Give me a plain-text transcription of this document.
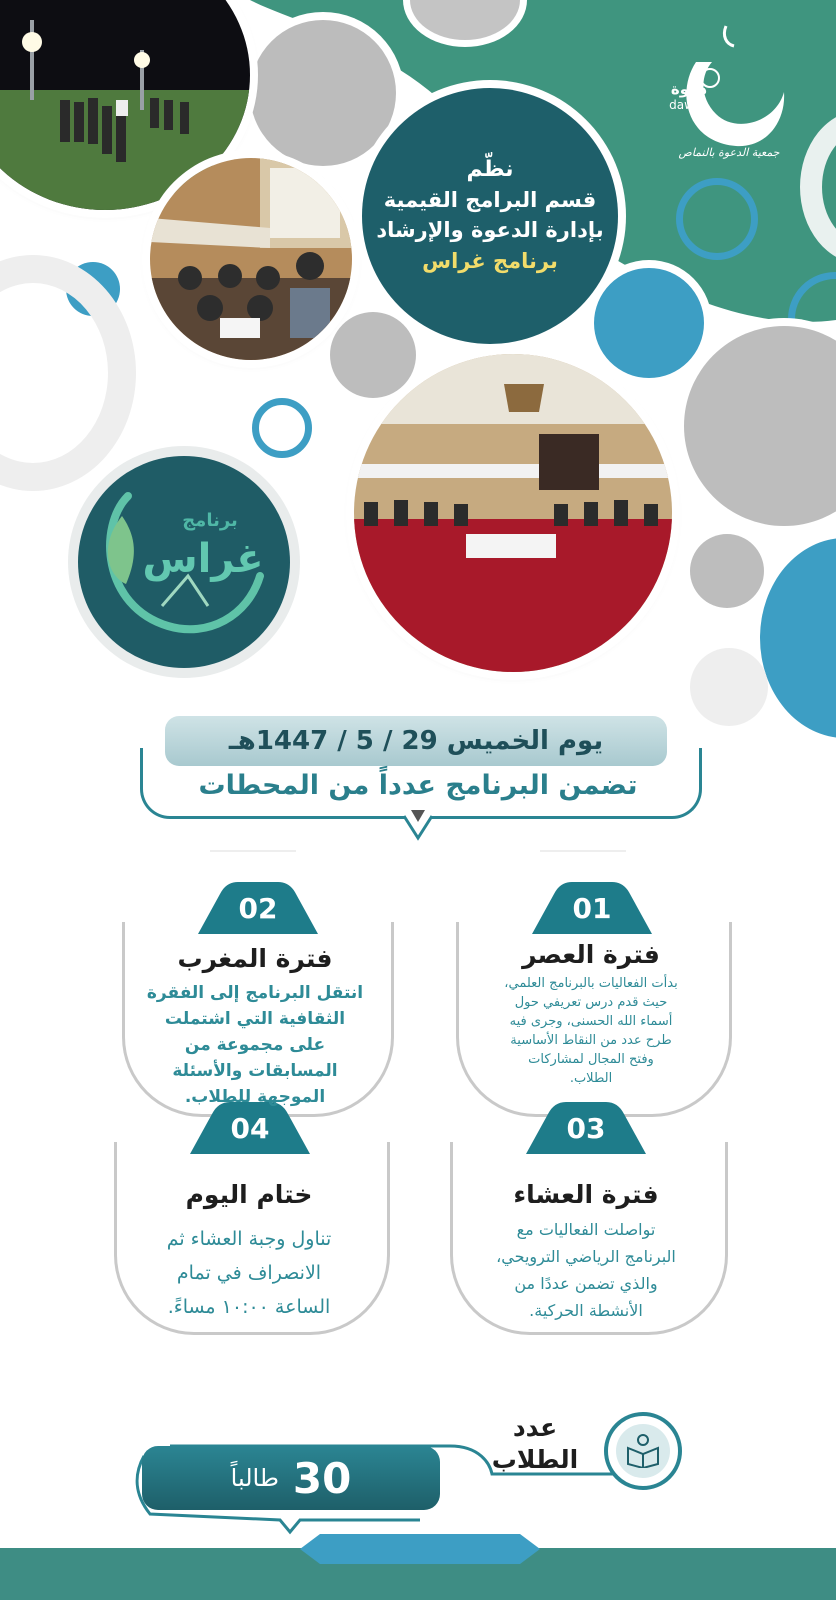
نظّم
قسم البرامج القيمية
بإدارة الدعوة والإرشاد
برنامج غراس
دعوة
dawah
جمعية الدعوة بالنماص
برنامج
غراس
يوم الخميس 29 / 5 / 1447هـ
تضمن البرنامج عدداً من المحطات
02	01
04	03
فترة المغرب
انتقل البرنامج إلى الفقرة
الثقافية التي اشتملت
على مجموعة من
المسابقات والأسئلة
الموجهة للطلاب.
فترة العصر
بدأت الفعاليات بالبرنامج العلمي،
حيث قدم درس تعريفي حول
أسماء الله الحسنى، وجرى فيه
طرح عدد من النقاط الأساسية
وفتح المجال لمشاركات
الطلاب.
ختام اليوم
تناول وجبة العشاء ثم
الانصراف في تمام
الساعة ١٠:٠٠ مساءً.
فترة العشاء
تواصلت الفعاليات مع
البرنامج الرياضي الترويحي،
والذي تضمن عددًا من
الأنشطة الحركية.
عدد
الطلاب
30
طالباً
